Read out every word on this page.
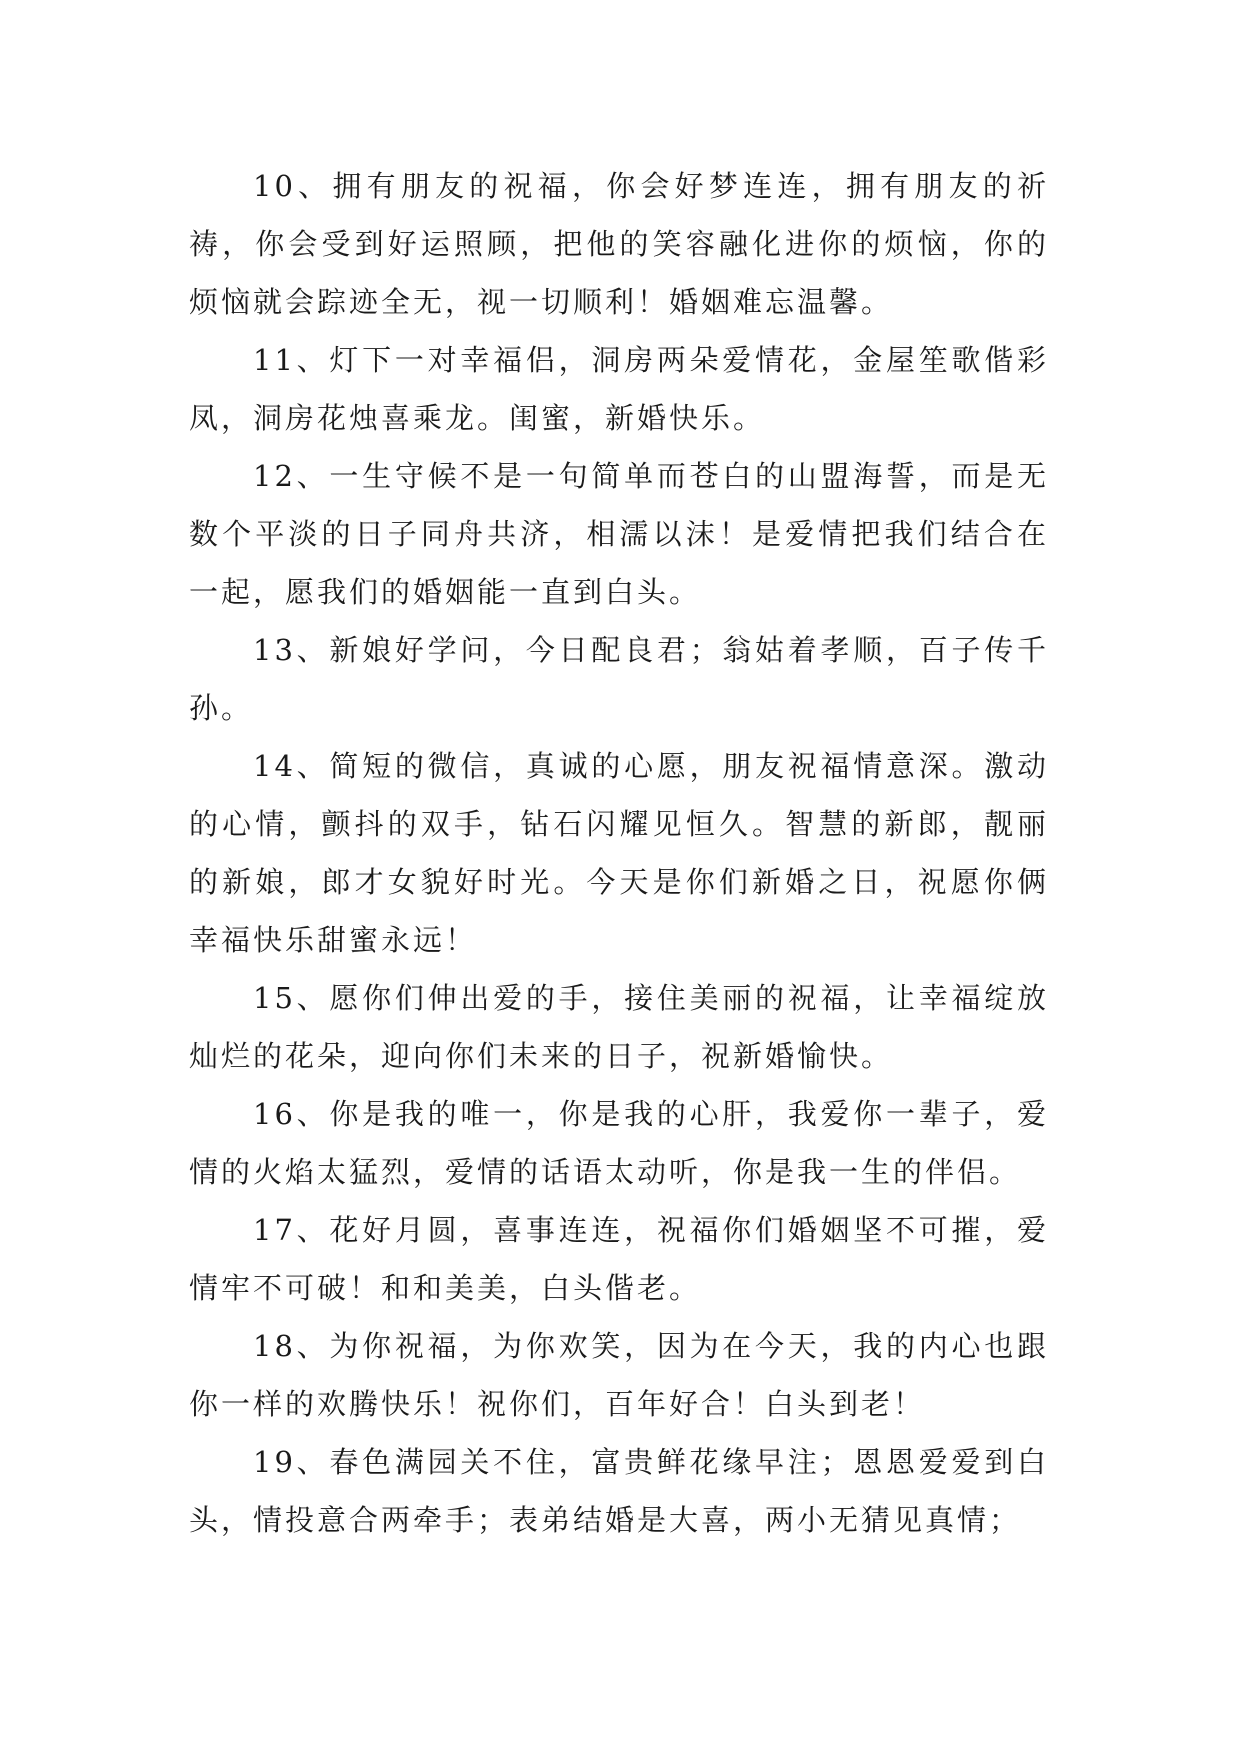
10、拥有朋友的祝福，你会好梦连连，拥有朋友的祈祷，你会受到好运照顾，把他的笑容融化进你的烦恼，你的烦恼就会踪迹全无，视一切顺利！婚姻难忘温馨。

11、灯下一对幸福侣，洞房两朵爱情花，金屋笙歌偕彩凤，洞房花烛喜乘龙。闺蜜，新婚快乐。

12、一生守候不是一句简单而苍白的山盟海誓，而是无数个平淡的日子同舟共济，相濡以沫！是爱情把我们结合在一起，愿我们的婚姻能一直到白头。

13、新娘好学问，今日配良君；翁姑着孝顺，百子传千孙。

14、简短的微信，真诚的心愿，朋友祝福情意深。激动的心情，颤抖的双手，钻石闪耀见恒久。智慧的新郎，靓丽的新娘，郎才女貌好时光。今天是你们新婚之日，祝愿你俩幸福快乐甜蜜永远！

15、愿你们伸出爱的手，接住美丽的祝福，让幸福绽放灿烂的花朵，迎向你们未来的日子，祝新婚愉快。

16、你是我的唯一，你是我的心肝，我爱你一辈子，爱情的火焰太猛烈，爱情的话语太动听，你是我一生的伴侣。

17、花好月圆，喜事连连，祝福你们婚姻坚不可摧，爱情牢不可破！和和美美，白头偕老。

18、为你祝福，为你欢笑，因为在今天，我的内心也跟你一样的欢腾快乐！祝你们，百年好合！白头到老！

19、春色满园关不住，富贵鲜花缘早注；恩恩爱爱到白头，情投意合两牵手；表弟结婚是大喜，两小无猜见真情；
